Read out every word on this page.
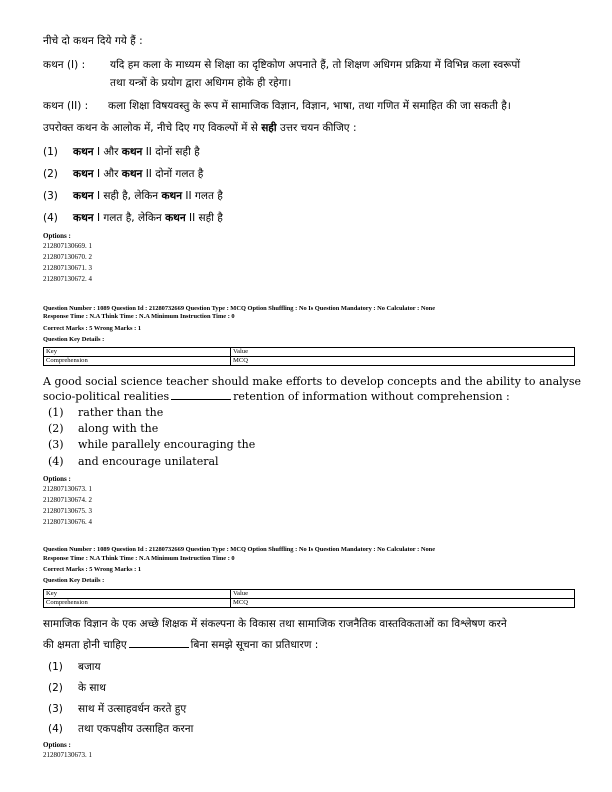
नीचे दो कथन दिये गये हैं :
कथन (I) : यदि हम कला के माध्यम से शिक्षा का दृष्टिकोण अपनाते हैं, तो शिक्षण अधिगम प्रक्रिया में विभिन्न कला स्वरूपों
तथा यन्त्रों के प्रयोग द्वारा अधिगम होके ही रहेगा।
कथन (II) : कला शिक्षा विषयवस्तु के रूप में सामाजिक विज्ञान, विज्ञान, भाषा, तथा गणित में समाहित की जा सकती है।
उपरोक्त कथन के आलोक में, नीचे दिए गए विकल्पों में से सही उत्तर चयन कीजिए :
(1) कथन I और कथन II दोनों सही है
(2) कथन I और कथन II दोनों गलत है
(3) कथन I सही है, लेकिन कथन II गलत है
(4) कथन I गलत है, लेकिन कथन II सही है
Options :
212807130669. 1
212807130670. 2
212807130671. 3
212807130672. 4
Question Number : 1089 Question Id : 21280732669 Question Type : MCQ Option Shuffling : No Is Question Mandatory : No Calculator : None
Response Time : N.A Think Time : N.A Minimum Instruction Time : 0
Correct Marks : 5 Wrong Marks : 1
Question Key Details :
Key	Value
Comprehension	MCQ
A good social science teacher should make efforts to develop concepts and the ability to analyse
socio-political realities	retention of information without comprehension :
(1) rather than the
(2) along with the
(3) while parallely encouraging the
(4) and encourage unilateral
Options :
212807130673. 1
212807130674. 2
212807130675. 3
212807130676. 4
Question Number : 1089 Question Id : 21280732669 Question Type : MCQ Option Shuffling : No Is Question Mandatory : No Calculator : None
Response Time : N.A Think Time : N.A Minimum Instruction Time : 0
Correct Marks : 5 Wrong Marks : 1
Question Key Details :
Key	Value
Comprehension	MCQ
सामाजिक विज्ञान के एक अच्छे शिक्षक में संकल्पना के विकास तथा सामाजिक राजनैतिक वास्तविकताओं का विश्लेषण करने
की क्षमता होनी चाहिए	बिना समझे सूचना का प्रतिधारण :
(1) बजाय
(2) के साथ
(3) साथ में उत्साहवर्धन करते हुए
(4) तथा एकपक्षीय उत्साहित करना
Options :
212807130673. 1
